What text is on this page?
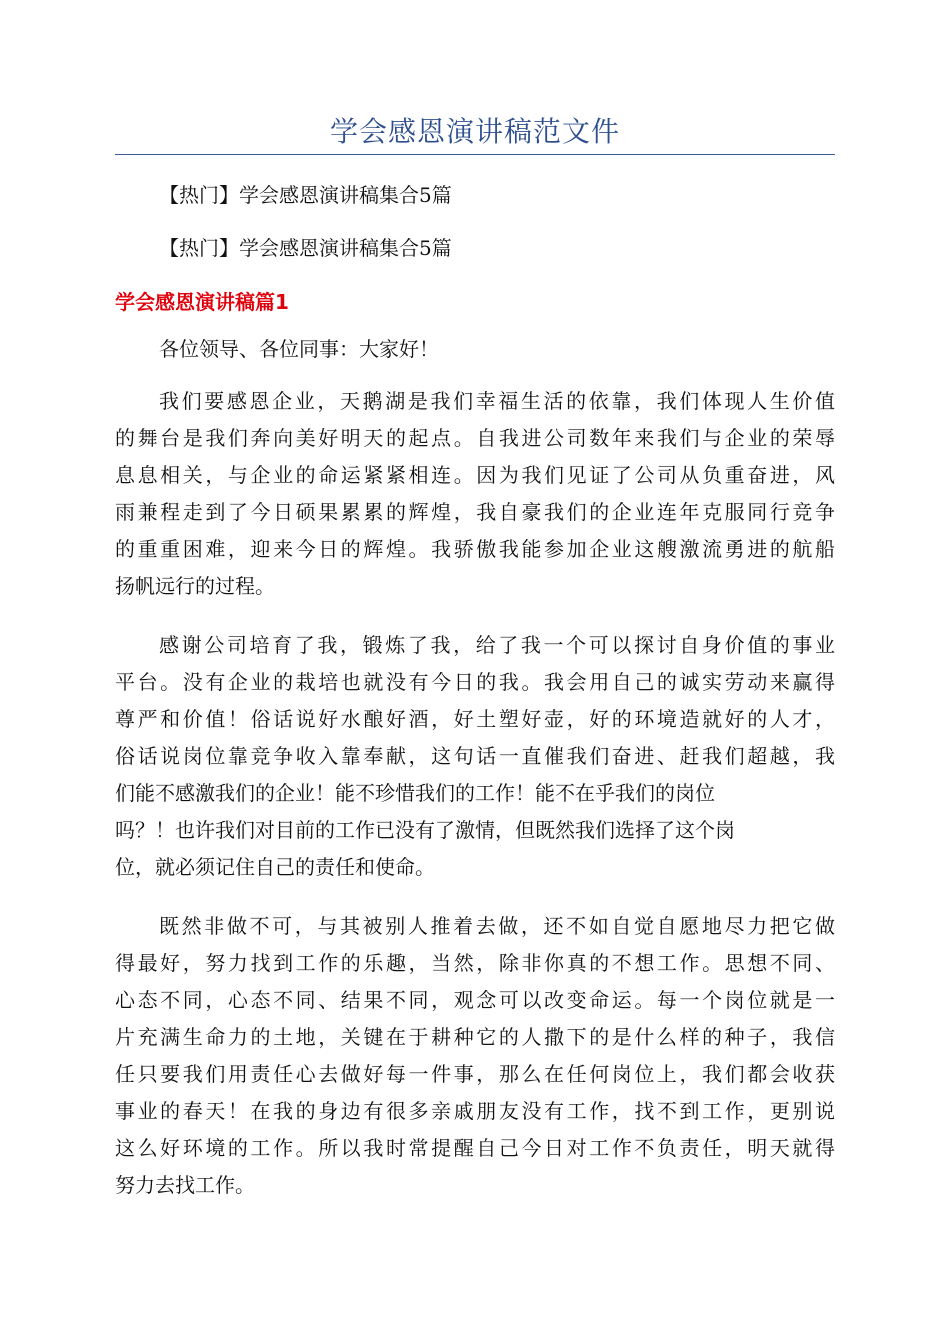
学会感恩演讲稿范文件

【热门】学会感恩演讲稿集合5篇

【热门】学会感恩演讲稿集合5篇

学会感恩演讲稿篇1

各位领导、各位同事：大家好！

我们要感恩企业，天鹅湖是我们幸福生活的依靠，我们体现人生价值
的舞台是我们奔向美好明天的起点。自我进公司数年来我们与企业的荣辱
息息相关，与企业的命运紧紧相连。因为我们见证了公司从负重奋进，风
雨兼程走到了今日硕果累累的辉煌，我自豪我们的企业连年克服同行竞争
的重重困难，迎来今日的辉煌。我骄傲我能参加企业这艘激流勇进的航船
扬帆远行的过程。
感谢公司培育了我，锻炼了我，给了我一个可以探讨自身价值的事业
平台。没有企业的栽培也就没有今日的我。我会用自己的诚实劳动来赢得
尊严和价值！俗话说好水酿好酒，好土塑好壶，好的环境造就好的人才，
俗话说岗位靠竞争收入靠奉献，这句话一直催我们奋进、赶我们超越，我
们能不感激我们的企业！能不珍惜我们的工作！能不在乎我们的岗位
吗？！也许我们对目前的工作已没有了激情，但既然我们选择了这个岗
位，就必须记住自己的责任和使命。
既然非做不可，与其被别人推着去做，还不如自觉自愿地尽力把它做
得最好，努力找到工作的乐趣，当然，除非你真的不想工作。思想不同、
心态不同，心态不同、结果不同，观念可以改变命运。每一个岗位就是一
片充满生命力的土地，关键在于耕种它的人撒下的是什么样的种子，我信
任只要我们用责任心去做好每一件事，那么在任何岗位上，我们都会收获
事业的春天！在我的身边有很多亲戚朋友没有工作，找不到工作，更别说
这么好环境的工作。所以我时常提醒自己今日对工作不负责任，明天就得
努力去找工作。
